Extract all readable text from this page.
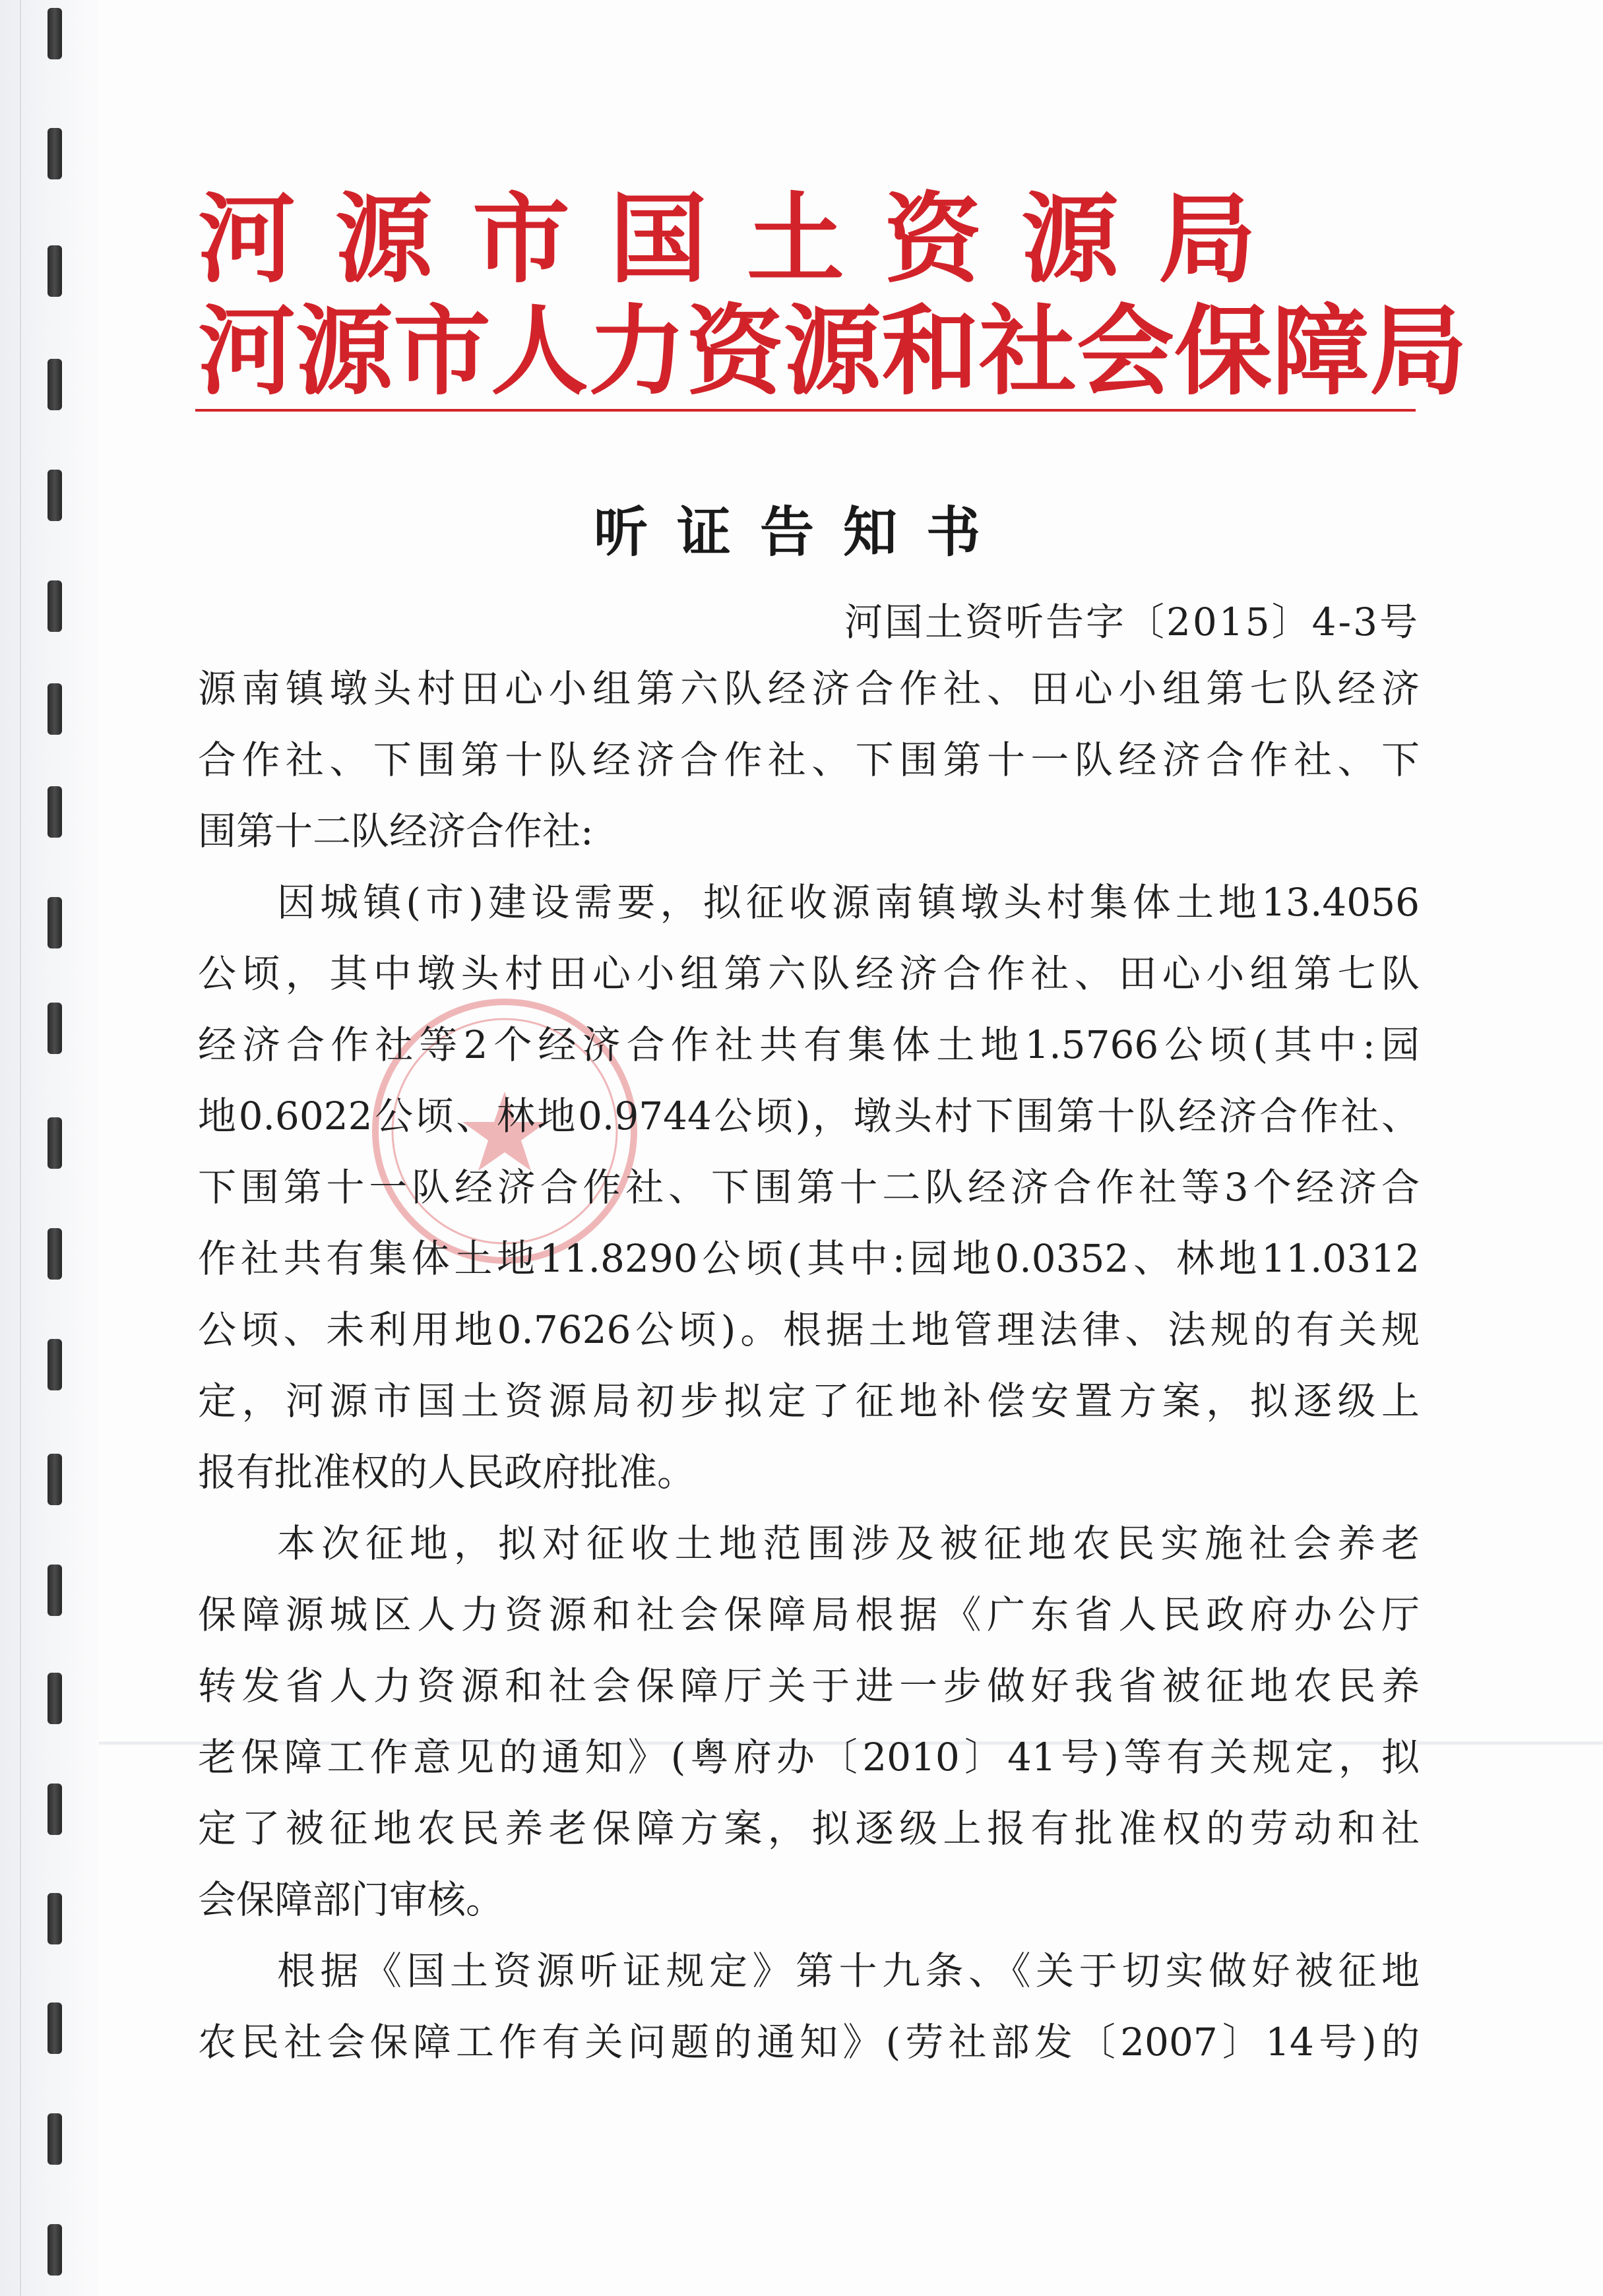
河源市国土资源局
河源市人力资源和社会保障局
听证告知书
河国土资听告字〔2015〕4-3号
源南镇墩头村田心小组第六队经济合作社、田心小组第七队经济
合作社、下围第十队经济合作社、下围第十一队经济合作社、下
围第十二队经济合作社:
因城镇(市)建设需要，拟征收源南镇墩头村集体土地13.4056
公顷，其中墩头村田心小组第六队经济合作社、田心小组第七队
经济合作社等2个经济合作社共有集体土地1.5766公顷(其中:园
地0.6022公顷、林地0.9744公顷)，墩头村下围第十队经济合作社、
下围第十一队经济合作社、下围第十二队经济合作社等3个经济合
作社共有集体土地11.8290公顷(其中:园地0.0352、林地11.0312
公顷、未利用地0.7626公顷)。根据土地管理法律、法规的有关规
定，河源市国土资源局初步拟定了征地补偿安置方案，拟逐级上
报有批准权的人民政府批准。
本次征地，拟对征收土地范围涉及被征地农民实施社会养老
保障源城区人力资源和社会保障局根据《广东省人民政府办公厅
转发省人力资源和社会保障厅关于进一步做好我省被征地农民养
老保障工作意见的通知》(粤府办〔2010〕41号)等有关规定，拟
定了被征地农民养老保障方案，拟逐级上报有批准权的劳动和社
会保障部门审核。
根据《国土资源听证规定》第十九条、《关于切实做好被征地
农民社会保障工作有关问题的通知》(劳社部发〔2007〕14号)的
